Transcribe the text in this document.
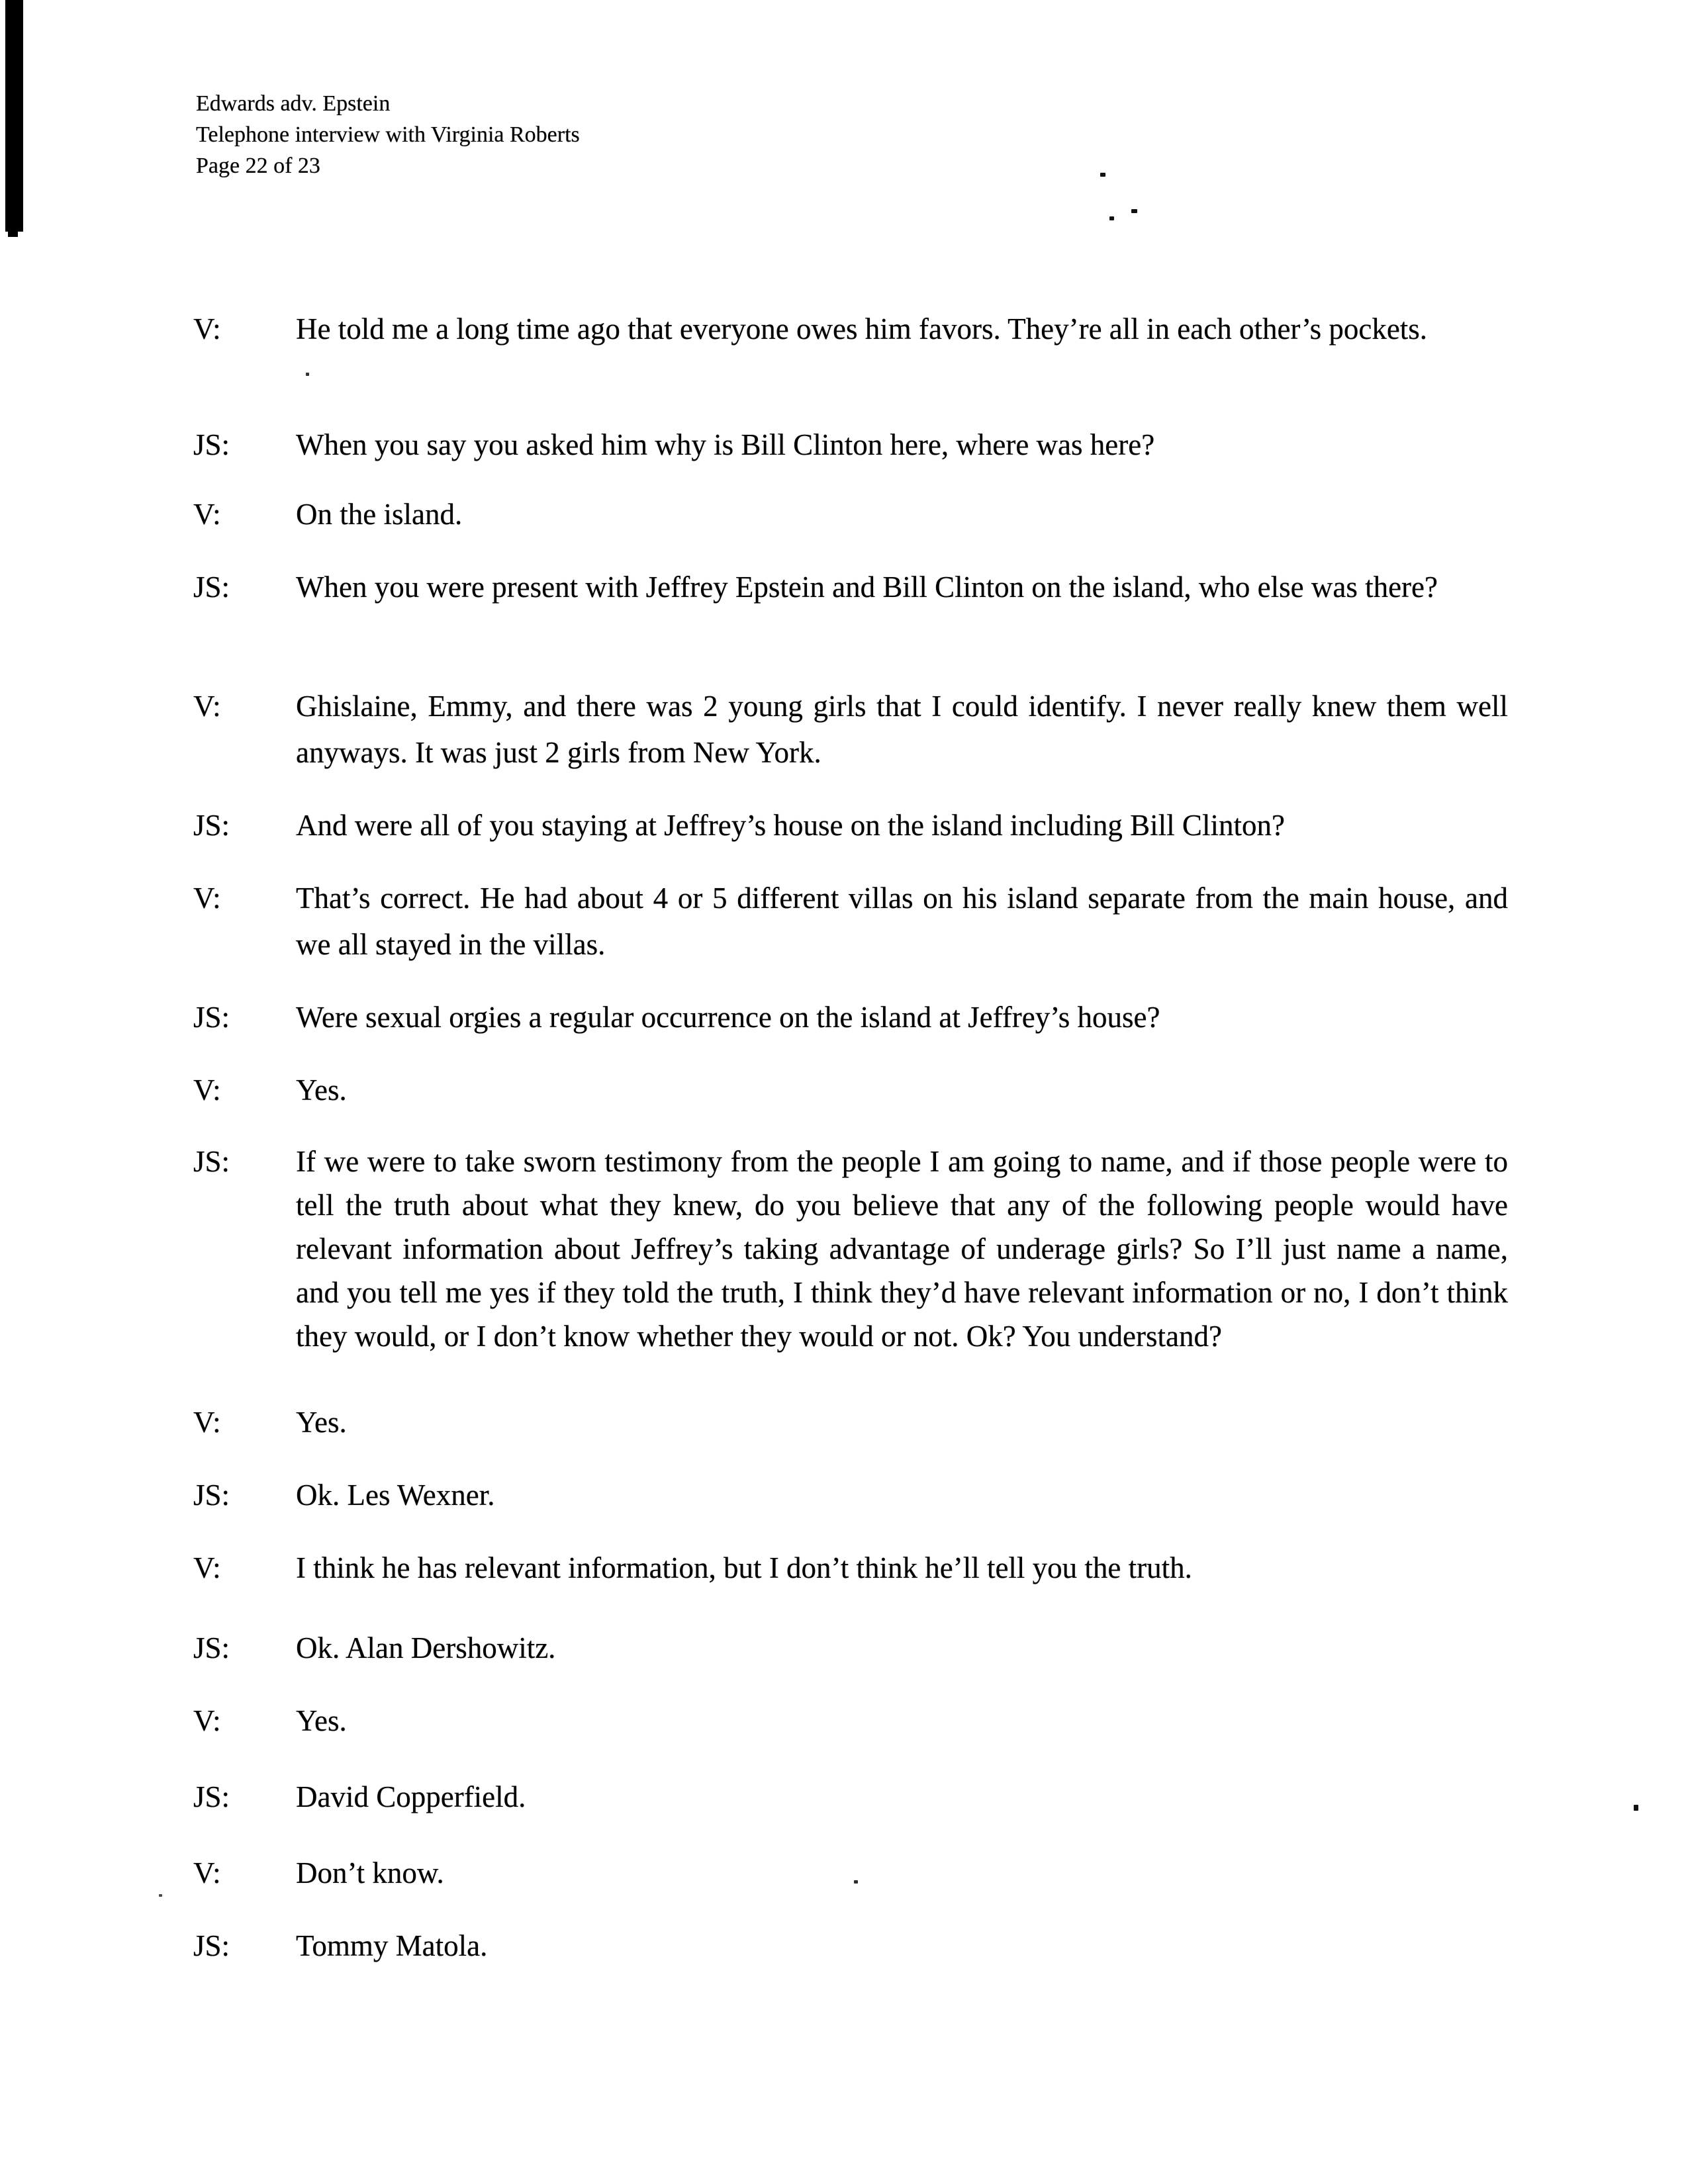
Edwards adv. Epstein
Telephone interview with Virginia Roberts
Page 22 of 23
V:	He told me a long time ago that everyone owes him favors. They’re all in each other’s pockets.
JS: When you say you asked him why is Bill Clinton here, where was here?
V:	On the island.
JS: When you were present with Jeffrey Epstein and Bill Clinton on the island, who else was there?
V:	Ghislaine, Emmy, and there was 2 young girls that I could identify. I never really knew them well anyways. It was just 2 girls from New York.
JS: And were all of you staying at Jeffrey’s house on the island including Bill Clinton?
V:	That’s correct. He had about 4 or 5 different villas on his island separate from the main house, and we all stayed in the villas.
JS: Were sexual orgies a regular occurrence on the island at Jeffrey’s house?
V:	Yes.
JS: If we were to take sworn testimony from the people I am going to name, and if those people were to tell the truth about what they knew, do you believe that any of the following people would have relevant information about Jeffrey’s taking advantage of underage girls? So I’ll just name a name, and you tell me yes if they told the truth, I think they’d have relevant information or no, I don’t think they would, or I don’t know whether they would or not. Ok? You understand?
V:	Yes.
JS: Ok. Les Wexner.
V:	I think he has relevant information, but I don’t think he’ll tell you the truth.
JS: Ok. Alan Dershowitz.
V:	Yes.
JS: David Copperfield.
V:	Don’t know.
JS: Tommy Matola.
